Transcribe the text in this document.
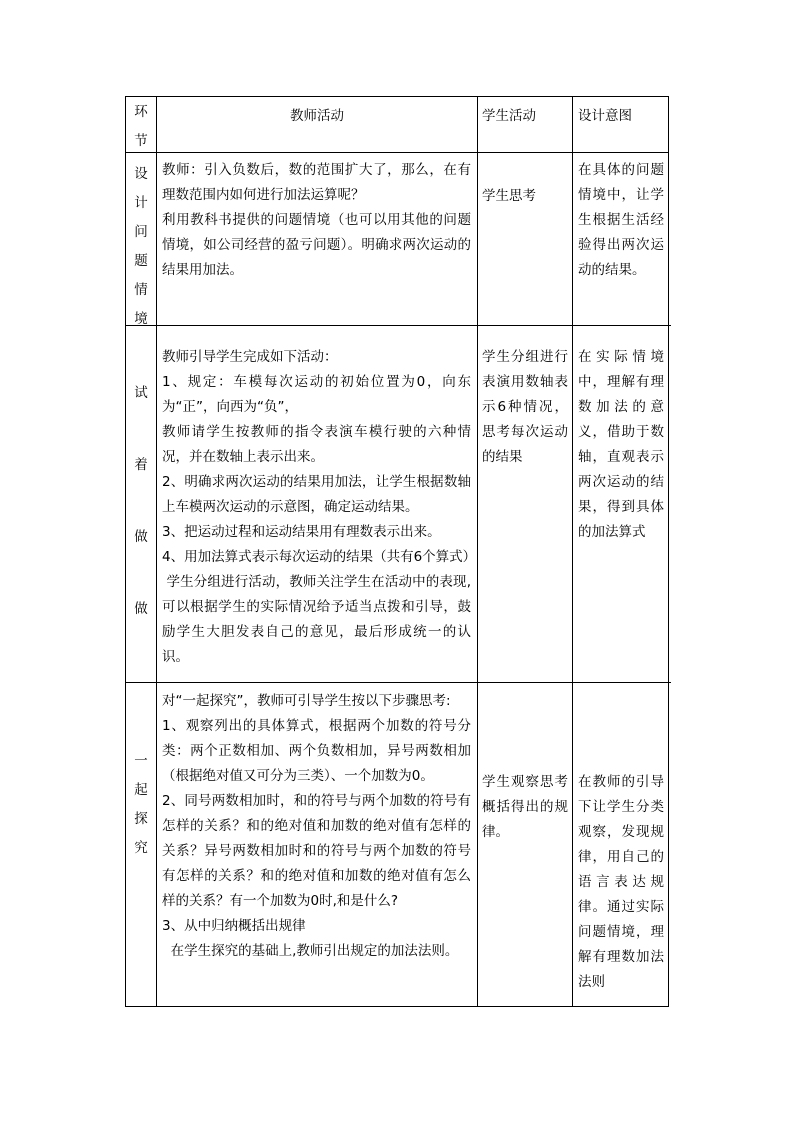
环节
教师活动	学生活动	设计意图
设计问题情境

教师：引入负数后，数的范围扩大了，那么，在有理数范围内如何进行加法运算呢？

利用教科书提供的问题情境（也可以用其他的问题情境，如公司经营的盈亏问题）。明确求两次运动的结果用加法。

学生思考
在具体的问题情境中，让学生根据生活经验得出两次运动的结果。
试
着
做
做

教师引导学生完成如下活动：

1、规定：车模每次运动的初始位置为0，向东为“正”，向西为“负”，

教师请学生按教师的指令表演车模行驶的六种情况，并在数轴上表示出来。

2、明确求两次运动的结果用加法，让学生根据数轴上车模两次运动的示意图，确定运动结果。

3、把运动过程和运动结果用有理数表示出来。

4、用加法算式表示每次运动的结果（共有6个算式）

学生分组进行活动，教师关注学生在活动中的表现,可以根据学生的实际情况给予适当点拨和引导，鼓励学生大胆发表自己的意见，最后形成统一的认识。

学生分组进行表演用数轴表示6种情况，思考每次运动的结果
在实际情境中，理解有理数加法的意义，借助于数轴，直观表示两次运动的结果，得到具体的加法算式
一起探究

对“一起探究”，教师可引导学生按以下步骤思考:

1、观察列出的具体算式，根据两个加数的符号分类：两个正数相加、两个负数相加，异号两数相加（根据绝对值又可分为三类）、一个加数为0。

2、同号两数相加时，和的符号与两个加数的符号有怎样的关系？和的绝对值和加数的绝对值有怎样的关系？异号两数相加时和的符号与两个加数的符号有怎样的关系？和的绝对值和加数的绝对值有怎么样的关系？有一个加数为0时,和是什么?

3、从中归纳概括出规律

在学生探究的基础上,教师引出规定的加法法则。

学生观察思考概括得出的规律。
在教师的引导下让学生分类观察，发现规律，用自己的语言表达规律。通过实际问题情境，理解有理数加法法则
